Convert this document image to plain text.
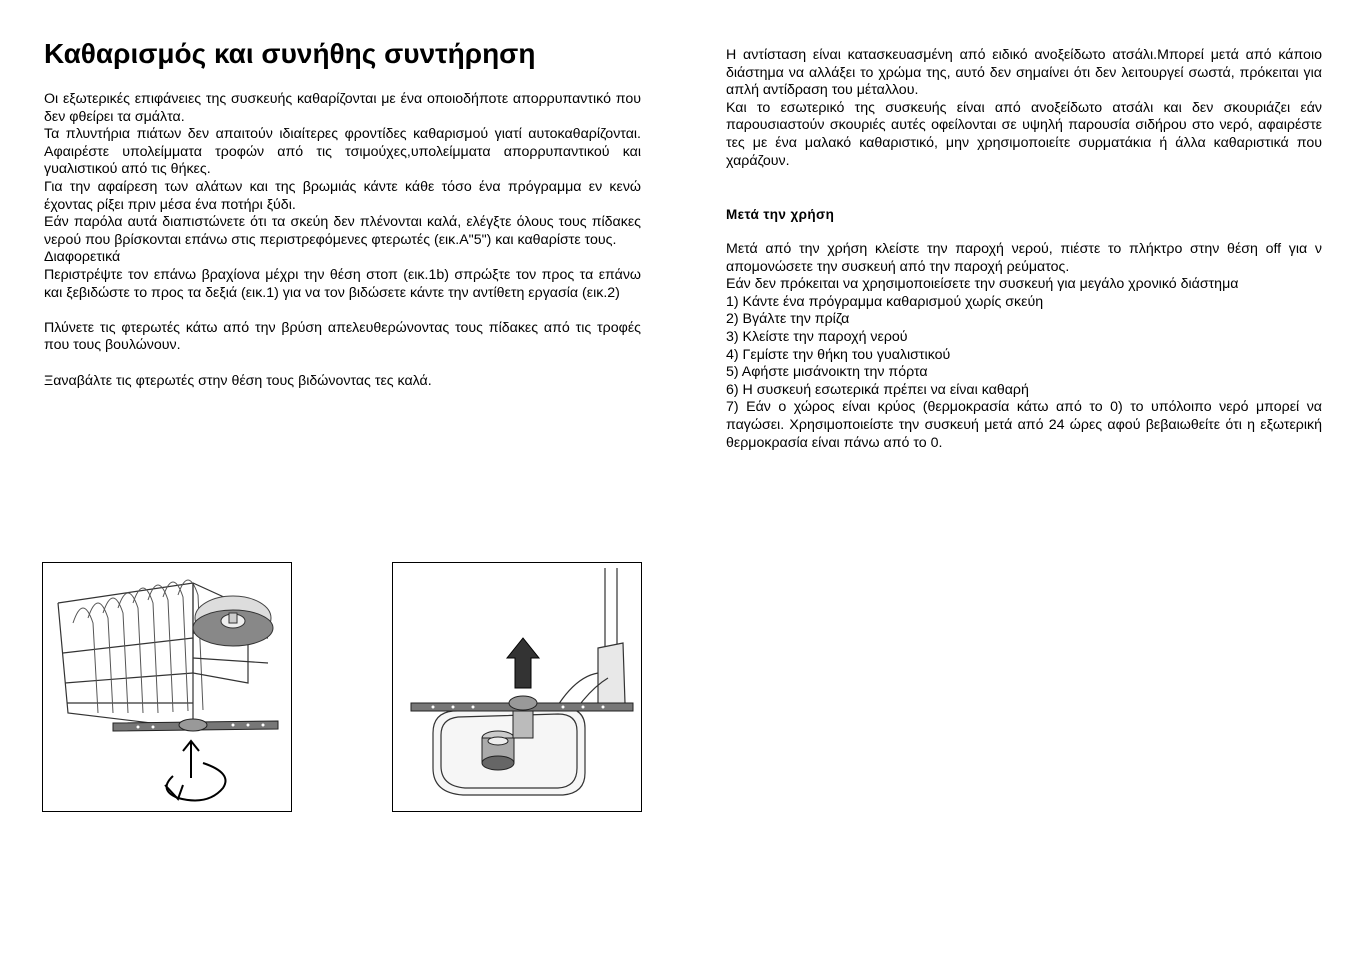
Καθαρισμός και συνήθης συντήρηση

Οι εξωτερικές επιφάνειες της συσκευής καθαρίζονται με ένα οποιοδήποτε απορρυπαντικό που δεν φθείρει τα σμάλτα.

Τα πλυντήρια πιάτων δεν απαιτούν ιδιαίτερες φροντίδες καθαρισμού γιατί αυτοκαθαρίζονται. Αφαιρέστε υπολείμματα τροφών από τις τσιμούχες,υπολείμματα απορρυπαντικού και γυαλιστικού από τις θήκες.

Για την αφαίρεση των αλάτων και της βρωμιάς κάντε κάθε τόσο ένα πρόγραμμα εν κενώ έχοντας ρίξει πριν μέσα ένα ποτήρι ξύδι.

Εάν παρόλα αυτά διαπιστώνετε ότι τα σκεύη δεν πλένονται καλά, ελέγξτε όλους τους πίδακες νερού που βρίσκονται επάνω στις περιστρεφόμενες φτερωτές (εικ.A"5") και καθαρίστε τους.

Διαφορετικά

Περιστρέψτε τον επάνω βραχίονα μέχρι την θέση στοπ (εικ.1b) σπρώξτε τον προς τα επάνω και ξεβιδώστε το προς τα δεξιά (εικ.1) για να τον βιδώσετε κάντε την αντίθετη εργασία (εικ.2)

Πλύνετε τις φτερωτές κάτω από την βρύση απελευθερώνοντας τους πίδακες από τις τροφές που τους βουλώνουν.

Ξαναβάλτε τις φτερωτές στην θέση τους βιδώνοντας τες καλά.

Η αντίσταση είναι κατασκευασμένη από ειδικό ανοξείδωτο ατσάλι.Μπορεί μετά από κάποιο διάστημα να αλλάξει το χρώμα της, αυτό δεν σημαίνει ότι δεν λειτουργεί σωστά, πρόκειται για απλή αντίδραση του μέταλλου.

Και το εσωτερικό της συσκευής είναι από ανοξείδωτο ατσάλι και δεν σκουριάζει εάν παρουσιαστούν σκουριές αυτές οφείλονται σε υψηλή παρουσία σιδήρου στο νερό, αφαιρέστε τες με ένα μαλακό καθαριστικό, μην χρησιμοποιείτε συρματάκια ή άλλα καθαριστικά που χαράζουν.

Μετά την χρήση

Μετά από την χρήση κλείστε την παροχή νερού, πιέστε το πλήκτρο στην θέση off για ν απομονώσετε την συσκευή από την παροχή ρεύματος.

Εάν δεν πρόκειται να χρησιμοποιείσετε την συσκευή για μεγάλο χρονικό διάστημα

1) Κάντε ένα πρόγραμμα καθαρισμού χωρίς σκεύη

2) Βγάλτε την πρίζα

3) Κλείστε την παροχή νερού

4) Γεμίστε την θήκη του γυαλιστικού

5) Αφήστε μισάνοικτη την πόρτα

6) Η συσκευή εσωτερικά πρέπει να είναι καθαρή

7) Εάν ο χώρος είναι κρύος (θερμοκρασία κάτω από το 0) το υπόλοιπο νερό μπορεί να παγώσει. Χρησιμοποιείστε την συσκευή μετά από 24 ώρες αφού βεβαιωθείτε ότι η εξωτερική θερμοκρασία είναι πάνω από το 0.
